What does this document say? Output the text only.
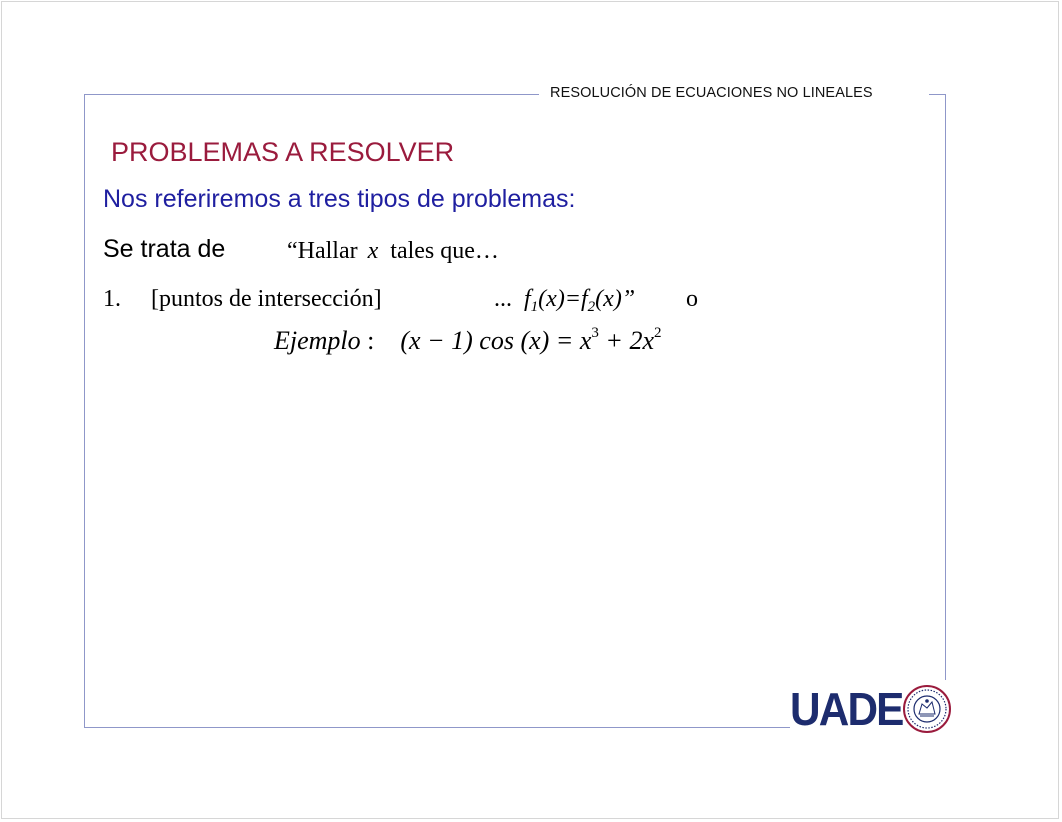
RESOLUCIÓN DE ECUACIONES NO LINEALES
PROBLEMAS A RESOLVER
Nos referiremos a tres tipos de problemas:
Se trata de	“Hallar x tales que…
1. [puntos de intersección]	... $f_1(x)=f_2(x)$” o
Ejemplo : (x − 1) $\cos (x) = x^3 + 2x^2$
UADE
